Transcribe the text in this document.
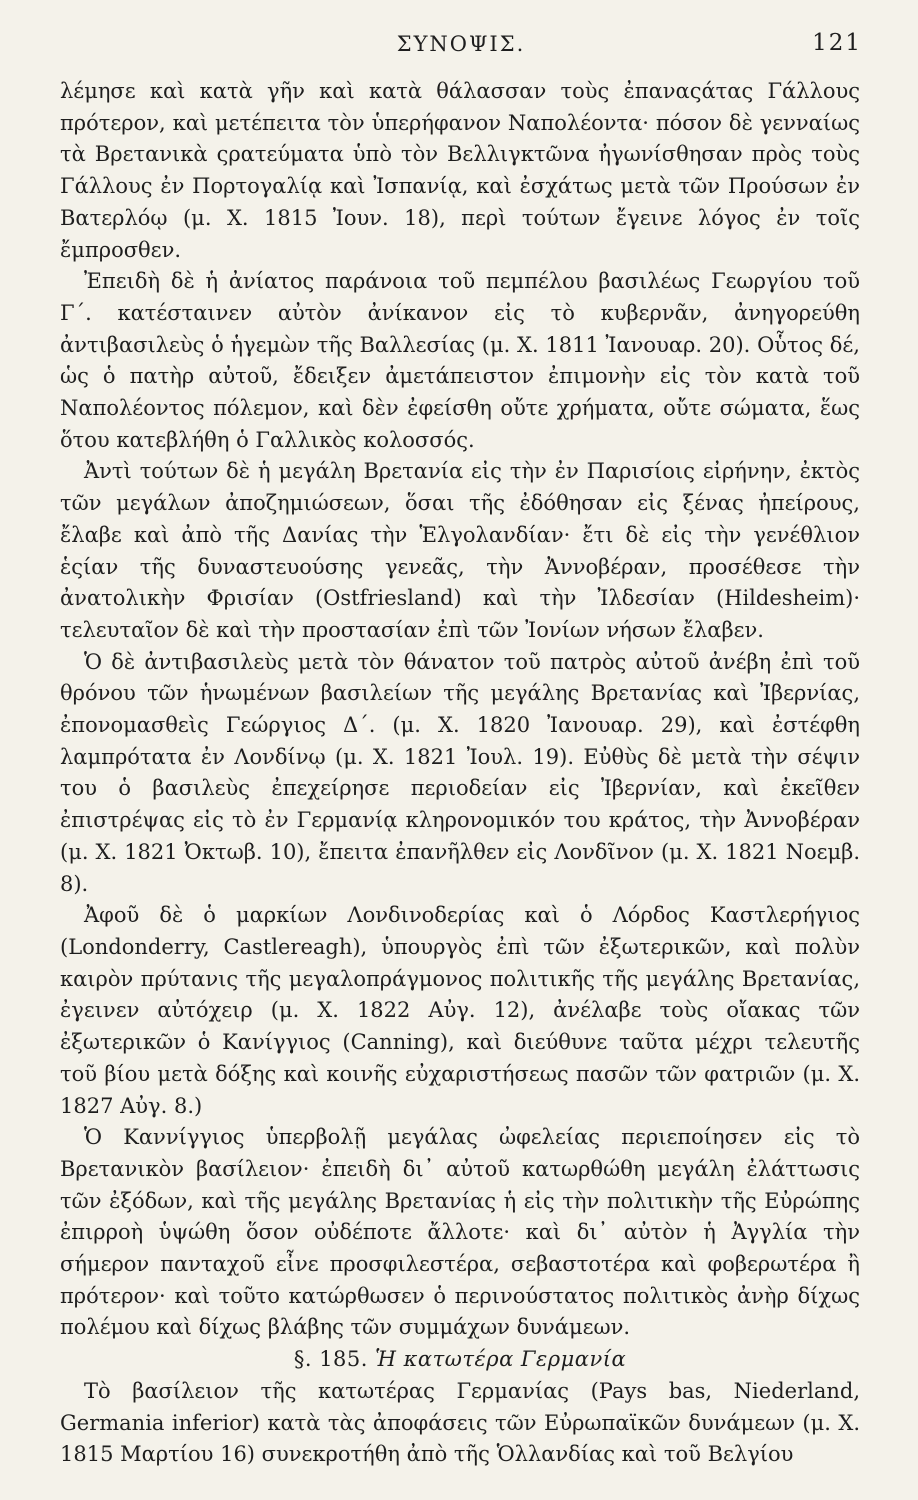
ΣΥΝΟΨΙΣ.	121

λέμησε καὶ κατὰ γῆν καὶ κατὰ θάλασσαν τοὺς ἐπαναςάτας Γάλλους πρότερον, καὶ μετέπειτα τὸν ὑπερήφανον Ναπολέοντα· πόσον δὲ γενναίως τὰ Βρετανικὰ ςρατεύματα ὑπὸ τὸν Βελλιγκτῶνα ἠγωνίσθησαν πρὸς τοὺς Γάλλους ἐν Πορτογαλίᾳ καὶ Ἰσπανίᾳ, καὶ ἐσχάτως μετὰ τῶν Προύσων ἐν Βατερλόῳ (μ. Χ. 1815 Ἰουν. 18), περὶ τούτων ἔγεινε λόγος ἐν τοῖς ἔμπροσθεν.

Ἐπειδὴ δὲ ἡ ἀνίατος παράνοια τοῦ πεμπέλου βασιλέως Γεωργίου τοῦ Γ΄. κατέσταινεν αὐτὸν ἀνίκανον εἰς τὸ κυβερνᾶν, ἀνηγορεύθη ἀντιβασιλεὺς ὁ ἡγεμὼν τῆς Βαλλεσίας (μ. Χ. 1811 Ἰανουαρ. 20). Οὗτος δέ, ὡς ὁ πατὴρ αὐτοῦ, ἔδειξεν ἀμετάπειστον ἐπιμονὴν εἰς τὸν κατὰ τοῦ Ναπολέοντος πόλεμον, καὶ δὲν ἐφείσθη οὔτε χρήματα, οὔτε σώματα, ἕως ὅτου κατεβλήθη ὁ Γαλλικὸς κολοσσός.

Ἀντὶ τούτων δὲ ἡ μεγάλη Βρετανία εἰς τὴν ἐν Παρισίοις εἰρήνην, ἐκτὸς τῶν μεγάλων ἀποζημιώσεων, ὅσαι τῆς ἐδόθησαν εἰς ξένας ἠπείρους, ἔλαβε καὶ ἀπὸ τῆς Δανίας τὴν Ἑλγολανδίαν· ἔτι δὲ εἰς τὴν γενέθλιον ἑςίαν τῆς δυναστευούσης γενεᾶς, τὴν Ἀννοβέραν, προσέθεσε τὴν ἀνατολικὴν Φρισίαν (Ostfriesland) καὶ τὴν Ἰλδεσίαν (Hildesheim)· τελευταῖον δὲ καὶ τὴν προστασίαν ἐπὶ τῶν Ἰονίων νήσων ἔλαβεν.

Ὁ δὲ ἀντιβασιλεὺς μετὰ τὸν θάνατον τοῦ πατρὸς αὐτοῦ ἀνέβη ἐπὶ τοῦ θρόνου τῶν ἡνωμένων βασιλείων τῆς μεγάλης Βρετανίας καὶ Ἰβερνίας, ἐπονομασθεὶς Γεώργιος Δ΄. (μ. Χ. 1820 Ἰανουαρ. 29), καὶ ἐστέφθη λαμπρότατα ἐν Λονδίνῳ (μ. Χ. 1821 Ἰουλ. 19). Εὐθὺς δὲ μετὰ τὴν σέψιν του ὁ βασιλεὺς ἐπεχείρησε περιοδείαν εἰς Ἰβερνίαν, καὶ ἐκεῖθεν ἐπιστρέψας εἰς τὸ ἐν Γερμανίᾳ κληρονομικόν του κράτος, τὴν Ἀννοβέραν (μ. Χ. 1821 Ὀκτωβ. 10), ἔπειτα ἐπανῆλθεν εἰς Λονδῖνον (μ. Χ. 1821 Νοεμβ. 8).

Ἀφοῦ δὲ ὁ μαρκίων Λονδινοδερίας καὶ ὁ Λόρδος Καστλερήγιος (Londonderry, Castlereagh), ὑπουργὸς ἐπὶ τῶν ἐξωτερικῶν, καὶ πολὺν καιρὸν πρύτανις τῆς μεγαλοπράγμονος πολιτικῆς τῆς μεγάλης Βρετανίας, ἐγεινεν αὐτόχειρ (μ. Χ. 1822 Αὐγ. 12), ἀνέλαβε τοὺς οἴακας τῶν ἐξωτερικῶν ὁ Κανίγγιος (Canning), καὶ διεύθυνε ταῦτα μέχρι τελευτῆς τοῦ βίου μετὰ δόξης καὶ κοινῆς εὐχαριστήσεως πασῶν τῶν φατριῶν (μ. Χ. 1827 Αὐγ. 8.)

Ὁ Καννίγγιος ὑπερβολῇ μεγάλας ὠφελείας περιεποίησεν εἰς τὸ Βρετανικὸν βασίλειον· ἐπειδὴ δι᾽ αὐτοῦ κατωρθώθη μεγάλη ἐλάττωσις τῶν ἐξόδων, καὶ τῆς μεγάλης Βρετανίας ἡ εἰς τὴν πολιτικὴν τῆς Εὐρώπης ἐπιρροὴ ὑψώθη ὅσον οὐδέποτε ἄλλοτε· καὶ δι᾽ αὐτὸν ἡ Ἀγγλία τὴν σήμερον πανταχοῦ εἶνε προσφιλεστέρα, σεβαστοτέρα καὶ φοβερωτέρα ἢ πρότερον· καὶ τοῦτο κατώρθωσεν ὁ περινούστατος πολιτικὸς ἀνὴρ δίχως πολέμου καὶ δίχως βλάβης τῶν συμμάχων δυνάμεων.

§. 185. Ἡ κατωτέρα Γερμανία

Τὸ βασίλειον τῆς κατωτέρας Γερμανίας (Pays bas, Niederland, Germania inferior) κατὰ τὰς ἀποφάσεις τῶν Εὐρωπαϊκῶν δυνάμεων (μ. Χ. 1815 Μαρτίου 16) συνεκροτήθη ἀπὸ τῆς Ὁλλανδίας καὶ τοῦ Βελγίου
